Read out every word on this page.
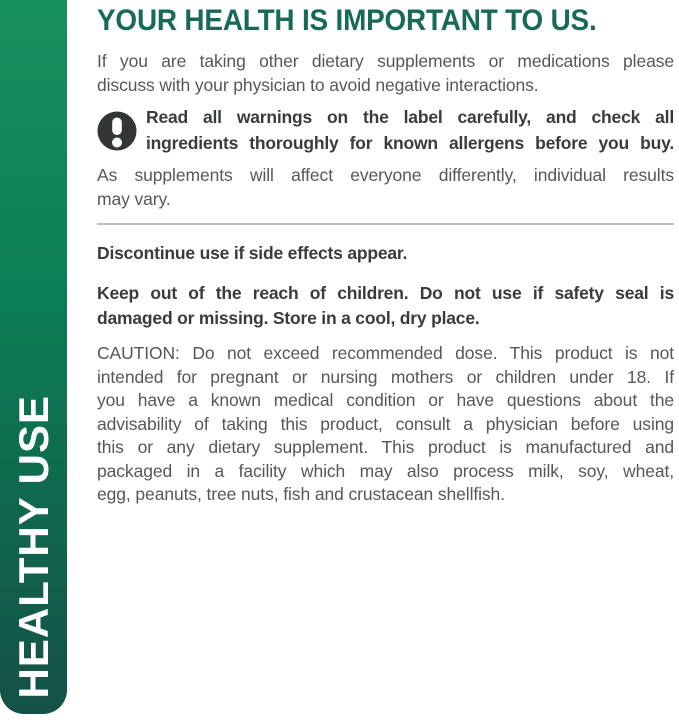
HEALTHY USE
YOUR HEALTH IS IMPORTANT TO US.
If you are taking other dietary supplements or medications please
discuss with your physician to avoid negative interactions.
Read all warnings on the label carefully, and check all
ingredients thoroughly for known allergens before you buy.
As supplements will affect everyone differently, individual results
may vary.
Discontinue use if side effects appear.
Keep out of the reach of children. Do not use if safety seal is
damaged or missing. Store in a cool, dry place.
CAUTION: Do not exceed recommended dose. This product is not
intended for pregnant or nursing mothers or children under 18. If
you have a known medical condition or have questions about the
advisability of taking this product, consult a physician before using
this or any dietary supplement. This product is manufactured and
packaged in a facility which may also process milk, soy, wheat,
egg, peanuts, tree nuts, fish and crustacean shellfish.
